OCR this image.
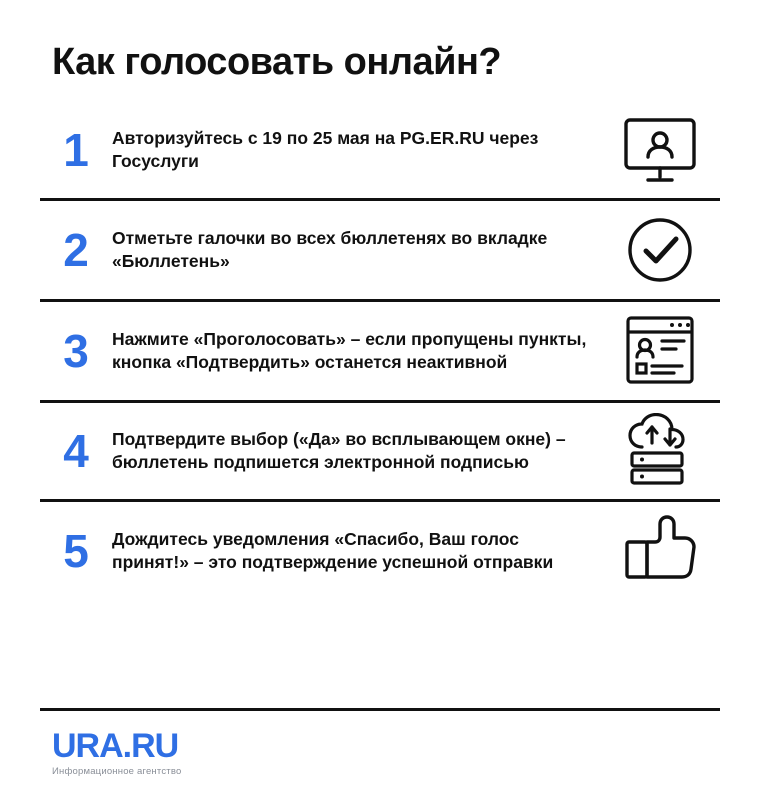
Как голосовать онлайн?
1	Авторизуйтесь с 19 по 25 мая на PG.ER.RU через Госуслуги
2	Отметьте галочки во всех бюллетенях во вкладке «Бюллетень»
3	Нажмите «Проголосовать» – если пропущены пункты, кнопка «Подтвердить» останется неактивной
4	Подтвердите выбор («Да» во всплывающем окне) – бюллетень подпишется электронной подписью
5	Дождитесь уведомления «Спасибо, Ваш голос принят!» – это подтверждение успешной отправки
URA.RU
Информационное агентство
